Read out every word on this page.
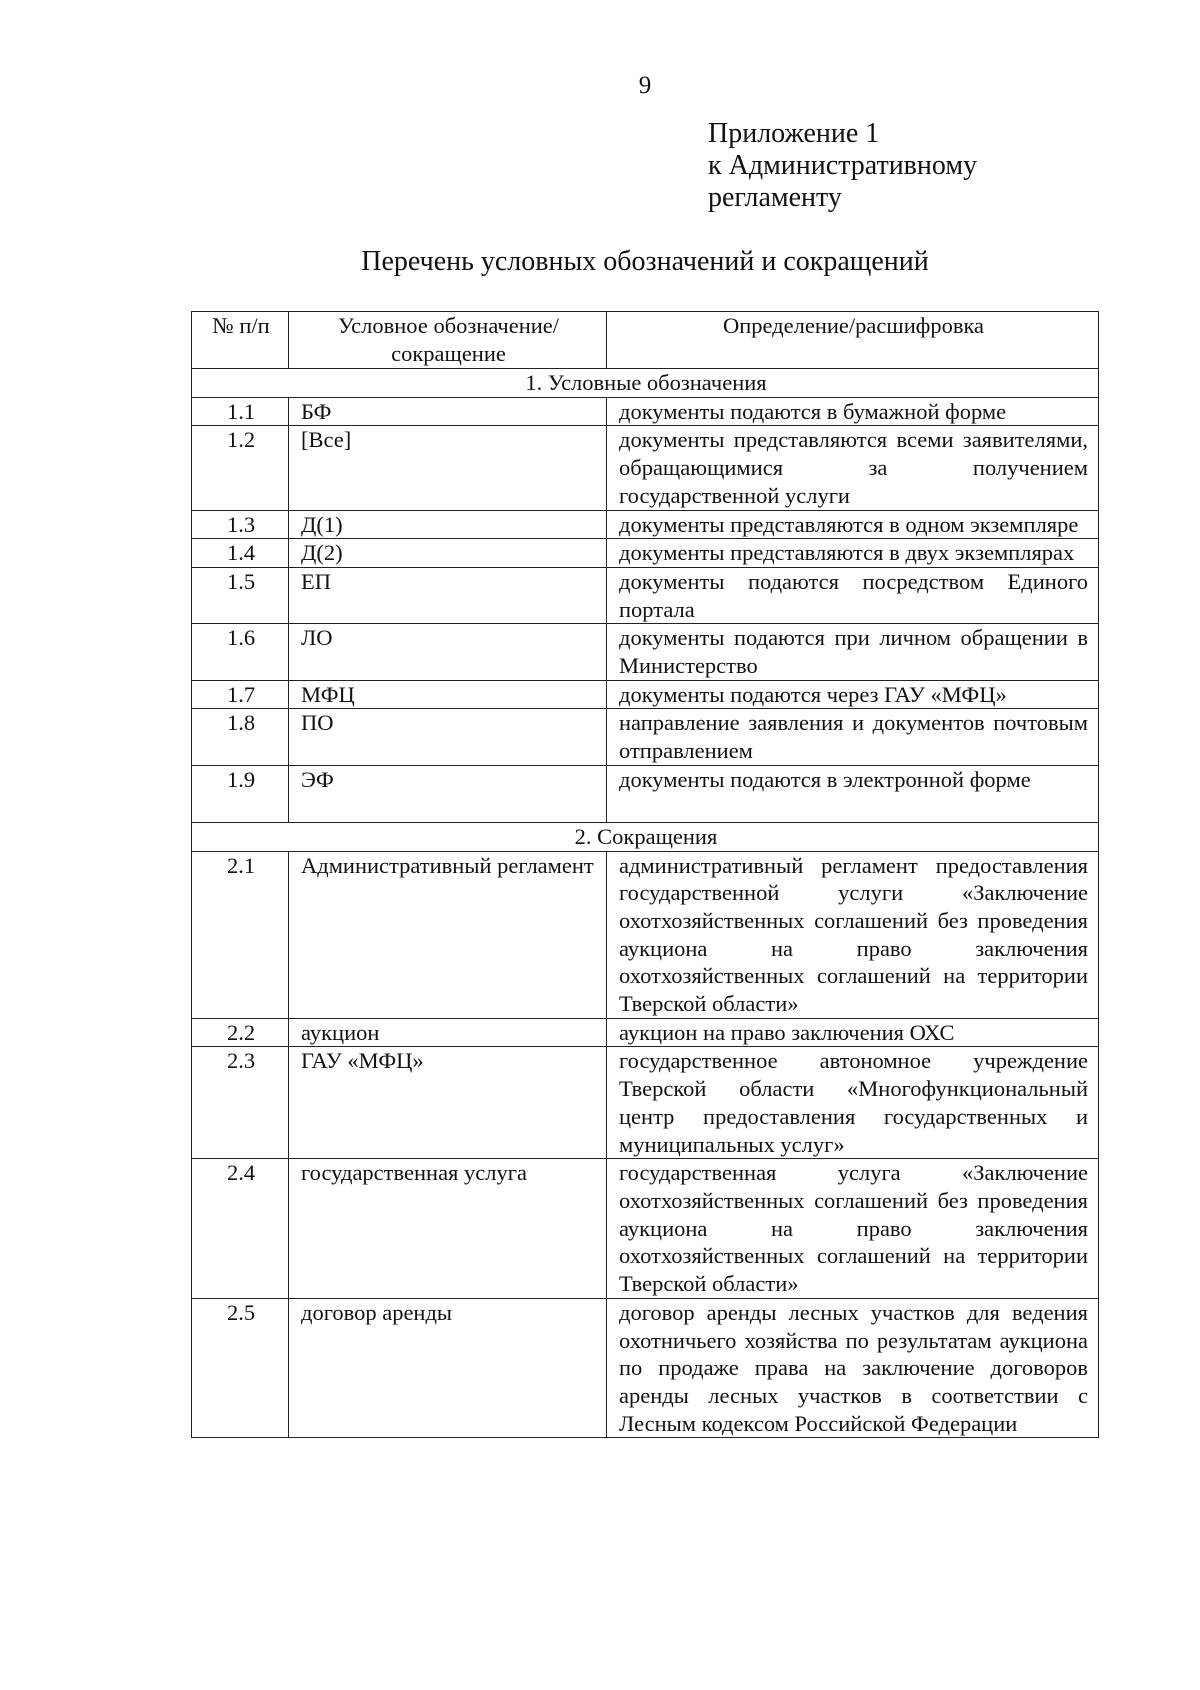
9
Приложение 1
к Административному
регламенту
Перечень условных обозначений и сокращений
№ п/п	Условное обозначение/сокращение	Определение/расшифровка
1. Условные обозначения		
1.1	БФ	документы подаются в бумажной форме
1.2	[Все]	документы представляются всеми заявителями, обращающимися за получением государственной услуги
1.3	Д(1)	документы представляются в одном экземпляре
1.4	Д(2)	документы представляются в двух экземплярах
1.5	ЕП	документы подаются посредством Единого портала
1.6	ЛО	документы подаются при личном обращении в Министерство
1.7	МФЦ	документы подаются через ГАУ «МФЦ»
1.8	ПО	направление заявления и документов почтовым отправлением
1.9	ЭФ	документы подаются в электронной форме
2. Сокращения		
2.1	Административный регламент	административный регламент предоставления государственной услуги «Заключение охотхозяйственных соглашений без проведения аукциона на право заключения охотхозяйственных соглашений на территории Тверской области»
2.2	аукцион	аукцион на право заключения ОХС
2.3	ГАУ «МФЦ»	государственное автономное учреждение Тверской области «Многофункциональный центр предоставления государственных и муниципальных услуг»
2.4	государственная услуга	государственная услуга «Заключение охотхозяйственных соглашений без проведения аукциона на право заключения охотхозяйственных соглашений на территории Тверской области»
2.5	договор аренды	договор аренды лесных участков для ведения охотничьего хозяйства по результатам аукциона по продаже права на заключение договоров аренды лесных участков в соответствии с Лесным кодексом Российской Федерации
